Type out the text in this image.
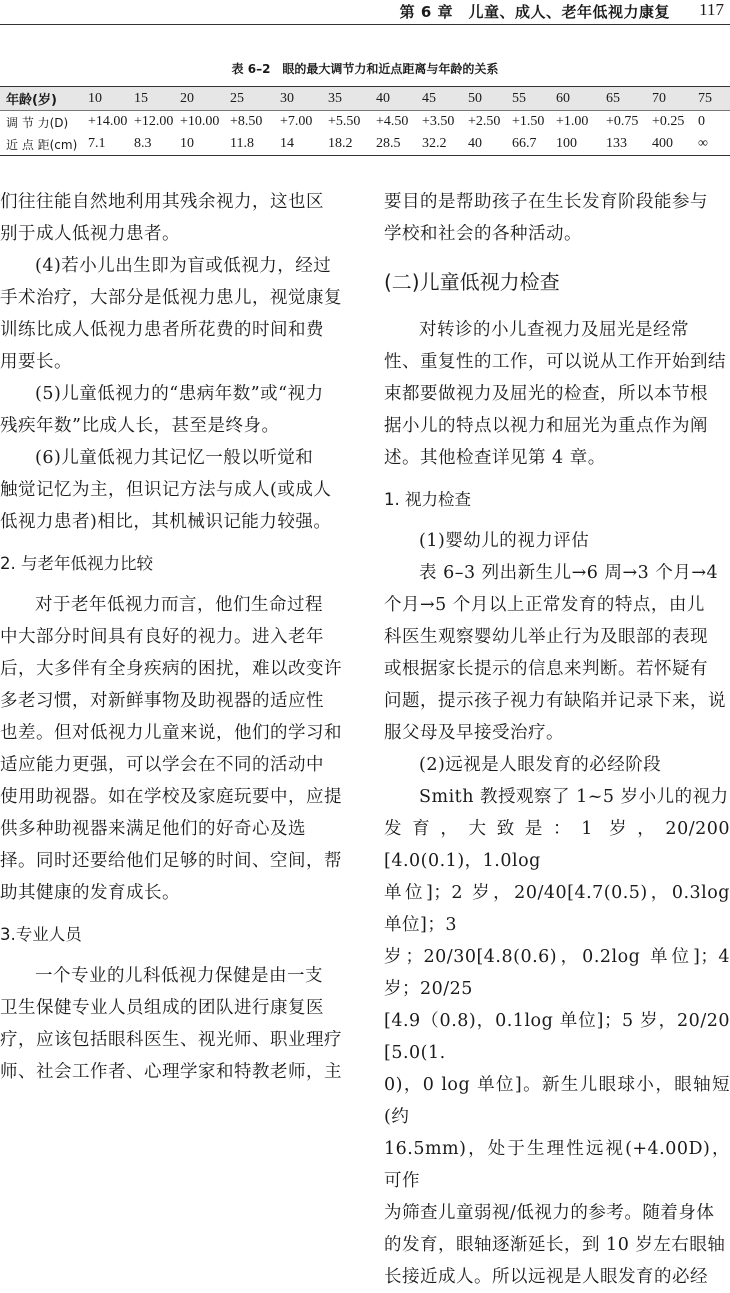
第 6 章　儿童、成人、老年低视力康复 117
表 6–2　眼的最大调节力和近点距离与年龄的关系
年龄(岁)	10	15	20	25	30	35	40	45	50	55	60	65	70	75
调 节 力(D)	+14.00	+12.00	+10.00	+8.50	+7.00	+5.50	+4.50	+3.50	+2.50	+1.50	+1.00	+0.75	+0.25	0
近 点 距(cm)	7.1	8.3	10	11.8	14	18.2	28.5	32.2	40	66.7	100	133	400	∞

们往往能自然地利用其残余视力，这也区
别于成人低视力患者。

(4)若小儿出生即为盲或低视力，经过
手术治疗，大部分是低视力患儿，视觉康复
训练比成人低视力患者所花费的时间和费
用要长。

(5)儿童低视力的“患病年数”或“视力
残疾年数”比成人长，甚至是终身。

(6)儿童低视力其记忆一般以听觉和
触觉记忆为主，但识记方法与成人(或成人
低视力患者)相比，其机械识记能力较强。

2. 与老年低视力比较

对于老年低视力而言，他们生命过程
中大部分时间具有良好的视力。进入老年
后，大多伴有全身疾病的困扰，难以改变许
多老习惯，对新鲜事物及助视器的适应性
也差。但对低视力儿童来说，他们的学习和
适应能力更强，可以学会在不同的活动中
使用助视器。如在学校及家庭玩要中，应提
供多种助视器来满足他们的好奇心及选
择。同时还要给他们足够的时间、空间，帮
助其健康的发育成长。

3.专业人员

一个专业的儿科低视力保健是由一支
卫生保健专业人员组成的团队进行康复医
疗，应该包括眼科医生、视光师、职业理疗
师、社会工作者、心理学家和特教老师，主

要目的是帮助孩子在生长发育阶段能参与
学校和社会的各种活动。

(二)儿童低视力检查

对转诊的小儿查视力及屈光是经常
性、重复性的工作，可以说从工作开始到结
束都要做视力及屈光的检查，所以本节根
据小儿的特点以视力和屈光为重点作为阐
述。其他检查详见第 4 章。

1. 视力检查

(1)婴幼儿的视力评估

表 6–3 列出新生儿→6 周→3 个月→4
个月→5 个月以上正常发育的特点，由儿
科医生观察婴幼儿举止行为及眼部的表现
或根据家长提示的信息来判断。若怀疑有
问题，提示孩子视力有缺陷并记录下来，说
服父母及早接受治疗。

(2)远视是人眼发育的必经阶段

Smith 教授观察了 1~5 岁小儿的视力
发育，大致是：1 岁，20/200 [4.0(0.1)，1.0log
单位]；2 岁，20/40[4.7(0.5)，0.3log 单位]；3
岁；20/30[4.8(0.6)，0.2log 单位]；4 岁；20/25
[4.9（0.8)，0.1log 单位]；5 岁，20/20 [5.0(1.
0)，0 log 单位]。新生儿眼球小，眼轴短(约
16.5mm)，处于生理性远视(+4.00D)，可作
为筛查儿童弱视/低视力的参考。随着身体
的发育，眼轴逐渐延长，到 10 岁左右眼轴
长接近成人。所以远视是人眼发育的必经
